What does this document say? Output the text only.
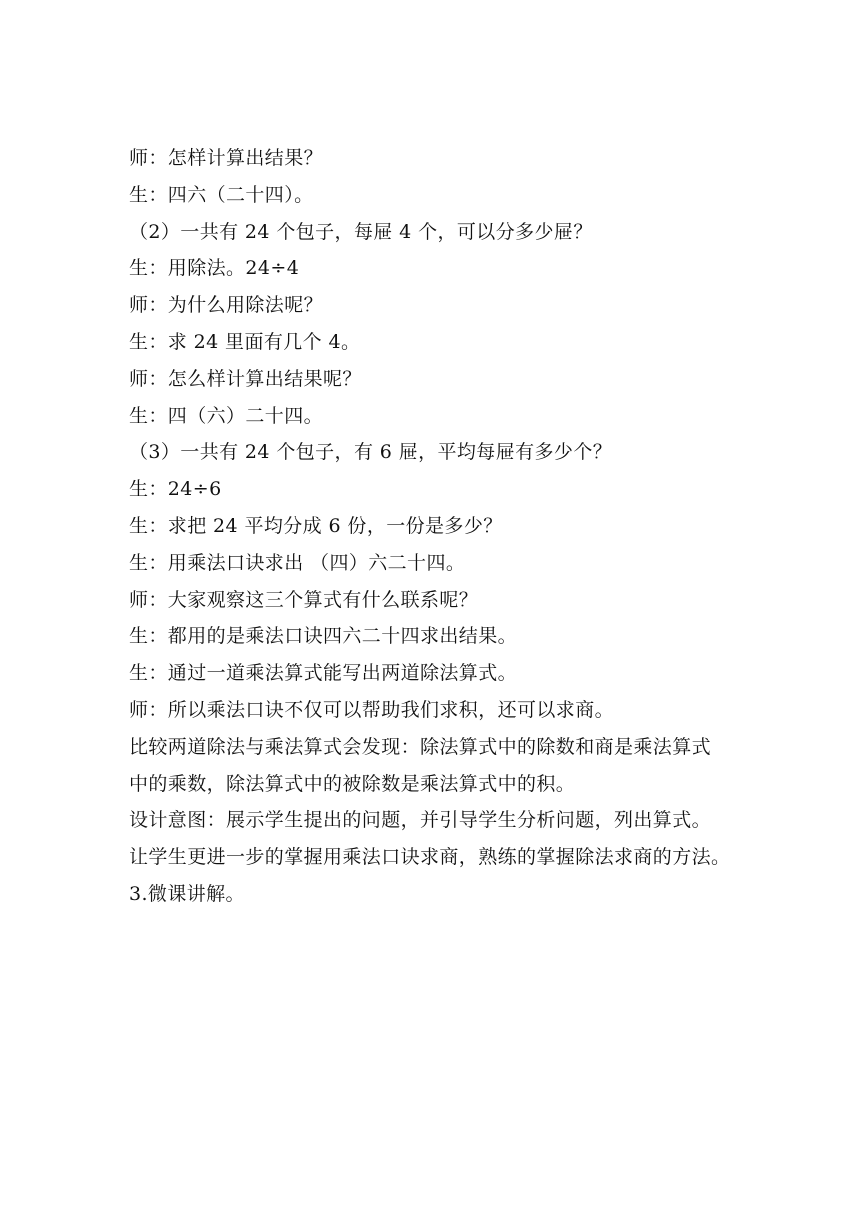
师：怎样计算出结果？
生：四六（二十四）。
（2）一共有 24 个包子，每屉 4 个，可以分多少屉？
生：用除法。24÷4
师：为什么用除法呢？
生：求 24 里面有几个 4。
师：怎么样计算出结果呢？
生：四（六）二十四。
（3）一共有 24 个包子，有 6 屉，平均每屉有多少个？
生：24÷6
生：求把 24 平均分成 6 份，一份是多少？
生：用乘法口诀求出 （四）六二十四。
师：大家观察这三个算式有什么联系呢？
生：都用的是乘法口诀四六二十四求出结果。
生：通过一道乘法算式能写出两道除法算式。
师：所以乘法口诀不仅可以帮助我们求积，还可以求商。
比较两道除法与乘法算式会发现：除法算式中的除数和商是乘法算式
中的乘数，除法算式中的被除数是乘法算式中的积。
设计意图：展示学生提出的问题，并引导学生分析问题，列出算式。
让学生更进一步的掌握用乘法口诀求商，熟练的掌握除法求商的方法。
3.微课讲解。
